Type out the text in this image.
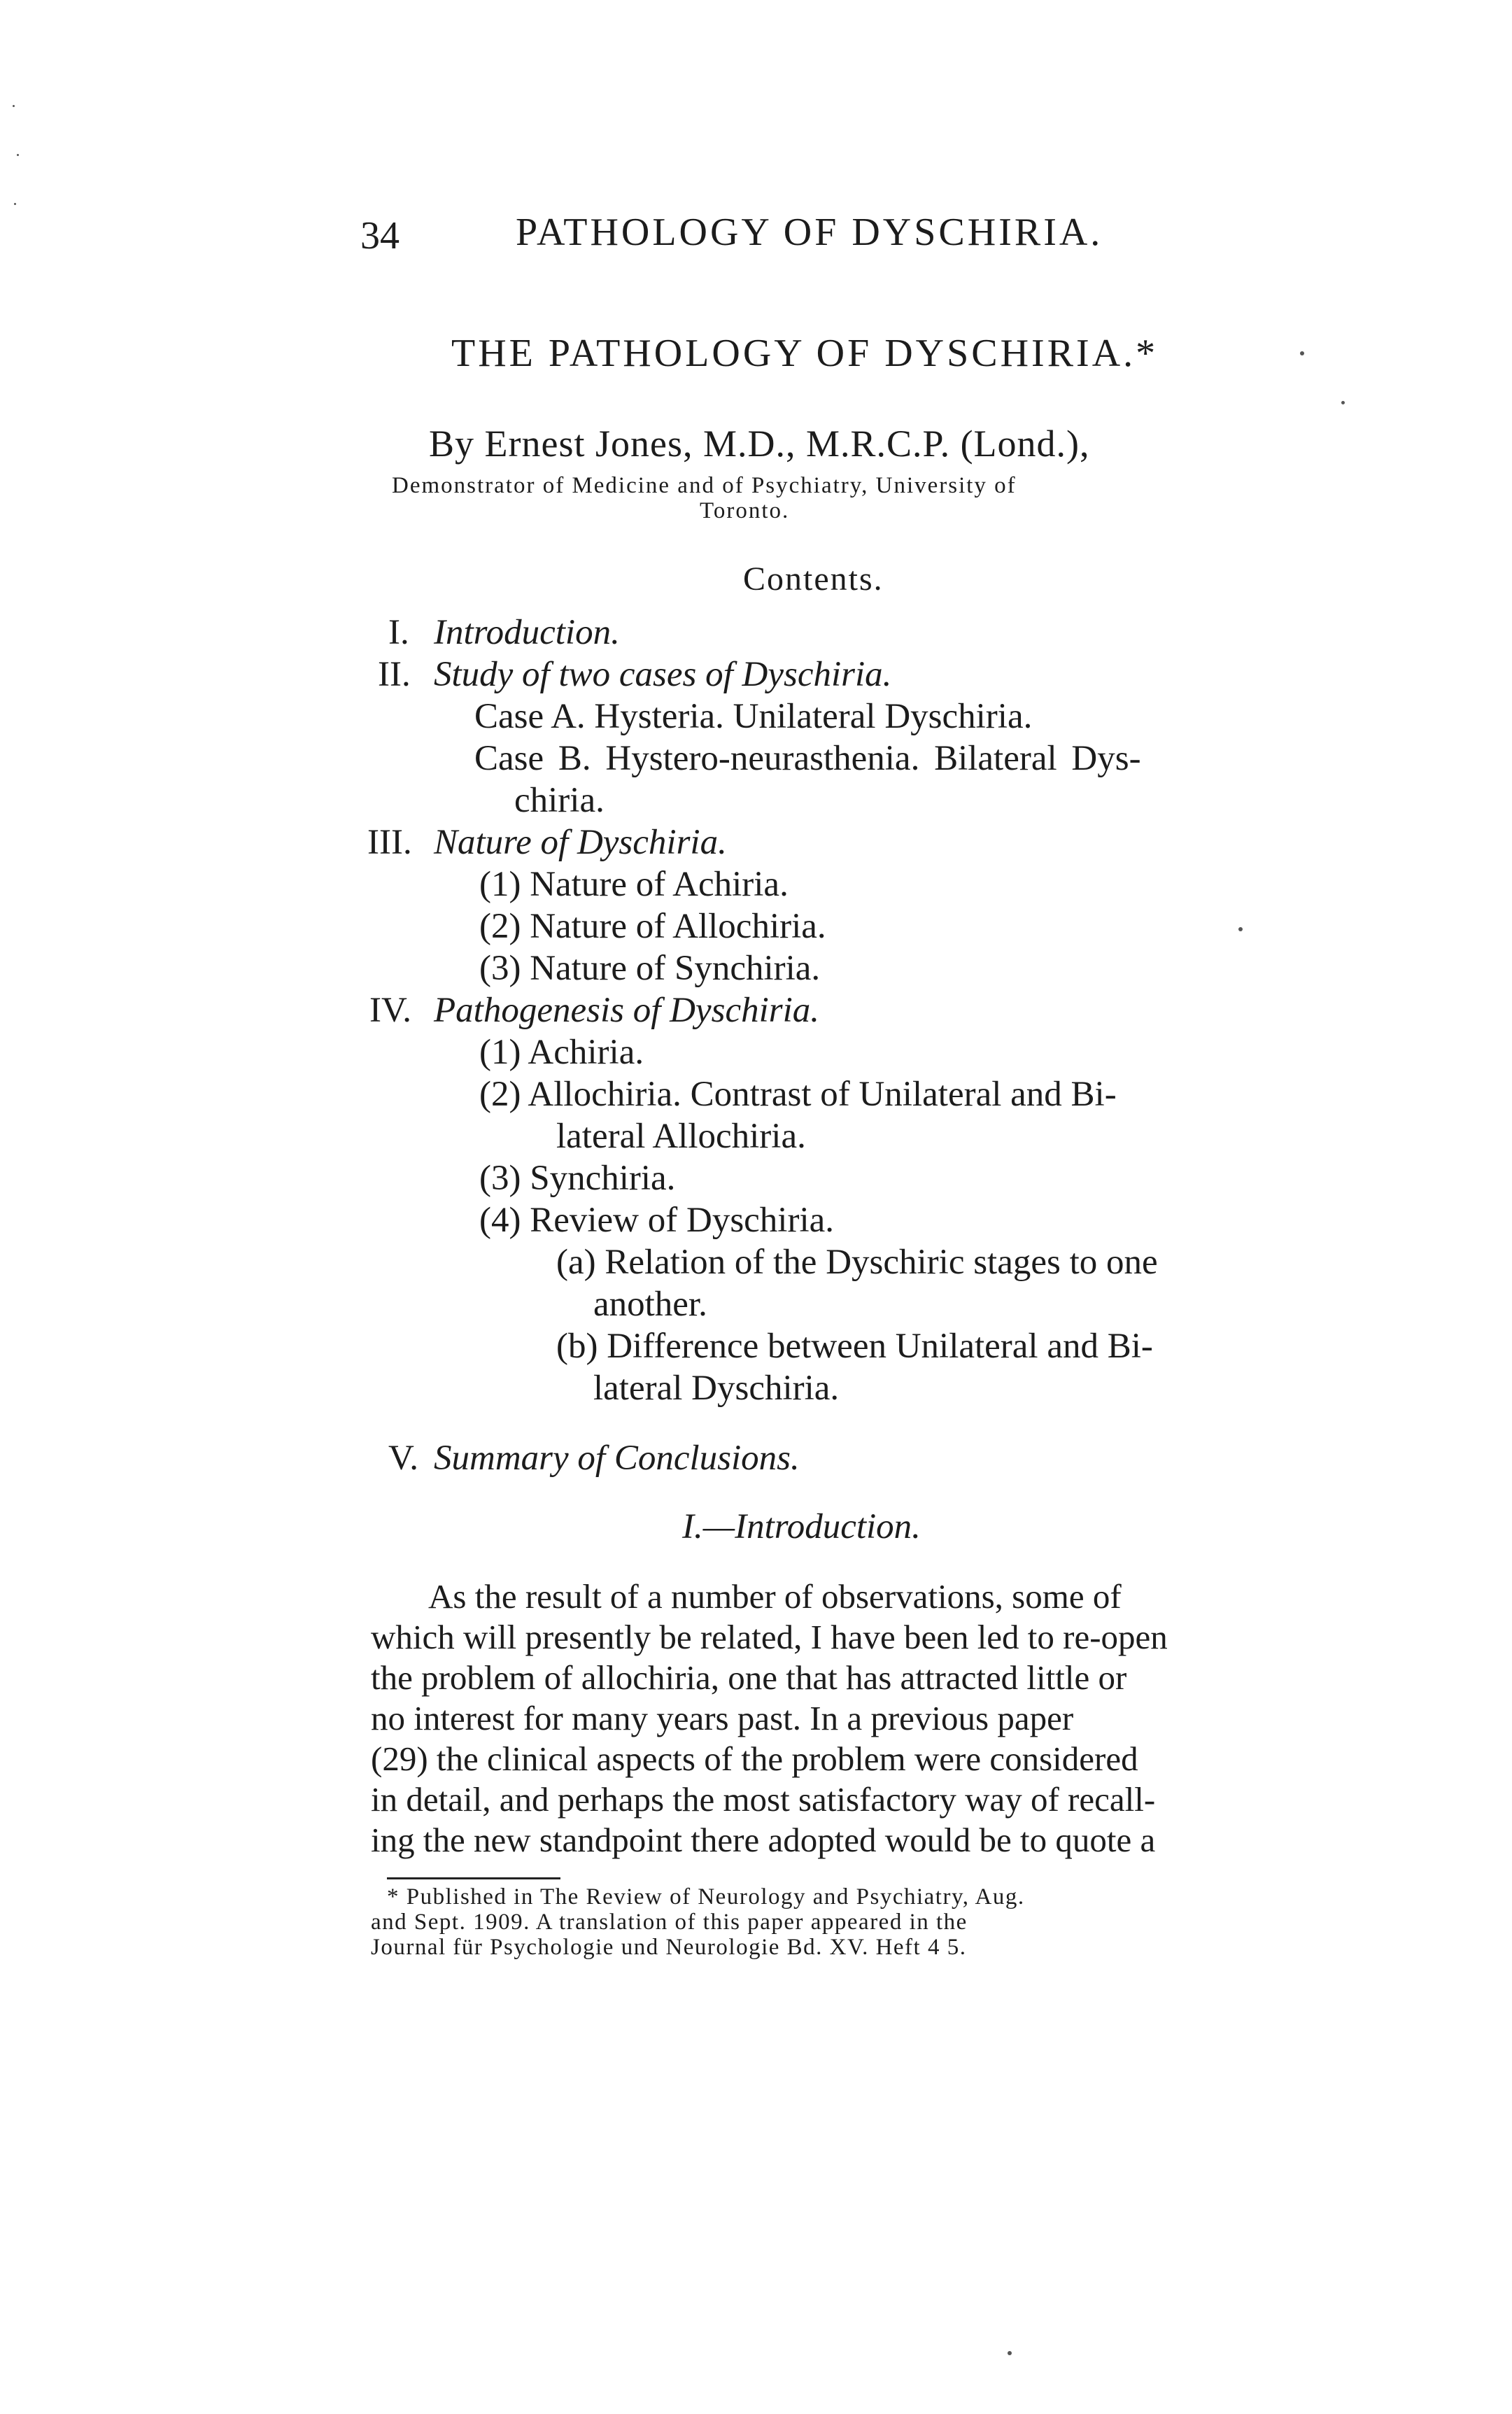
34	PATHOLOGY OF DYSCHIRIA.
THE PATHOLOGY OF DYSCHIRIA.*
By Ernest Jones, M.D., M.R.C.P. (Lond.),
Demonstrator of Medicine and of Psychiatry, University of
Toronto.
Contents.
I. Introduction.
II. Study of two cases of Dyschiria.
Case A. Hysteria. Unilateral Dyschiria.
Case B. Hystero-neurasthenia. Bilateral Dys-
chiria.
III. Nature of Dyschiria.
(1) Nature of Achiria.
(2) Nature of Allochiria.
(3) Nature of Synchiria.
IV. Pathogenesis of Dyschiria.
(1) Achiria.
(2) Allochiria. Contrast of Unilateral and Bi-
lateral Allochiria.
(3) Synchiria.
(4) Review of Dyschiria.
(a) Relation of the Dyschiric stages to one
another.
(b) Difference between Unilateral and Bi-
lateral Dyschiria.
V. Summary of Conclusions.
I.—Introduction.
As the result of a number of observations, some of
which will presently be related, I have been led to re-open
the problem of allochiria, one that has attracted little or
no interest for many years past. In a previous paper
(29) the clinical aspects of the problem were considered
in detail, and perhaps the most satisfactory way of recall-
ing the new standpoint there adopted would be to quote a
* Published in The Review of Neurology and Psychiatry, Aug.
and Sept. 1909. A translation of this paper appeared in the
Journal für Psychologie und Neurologie Bd. XV. Heft 4 5.
